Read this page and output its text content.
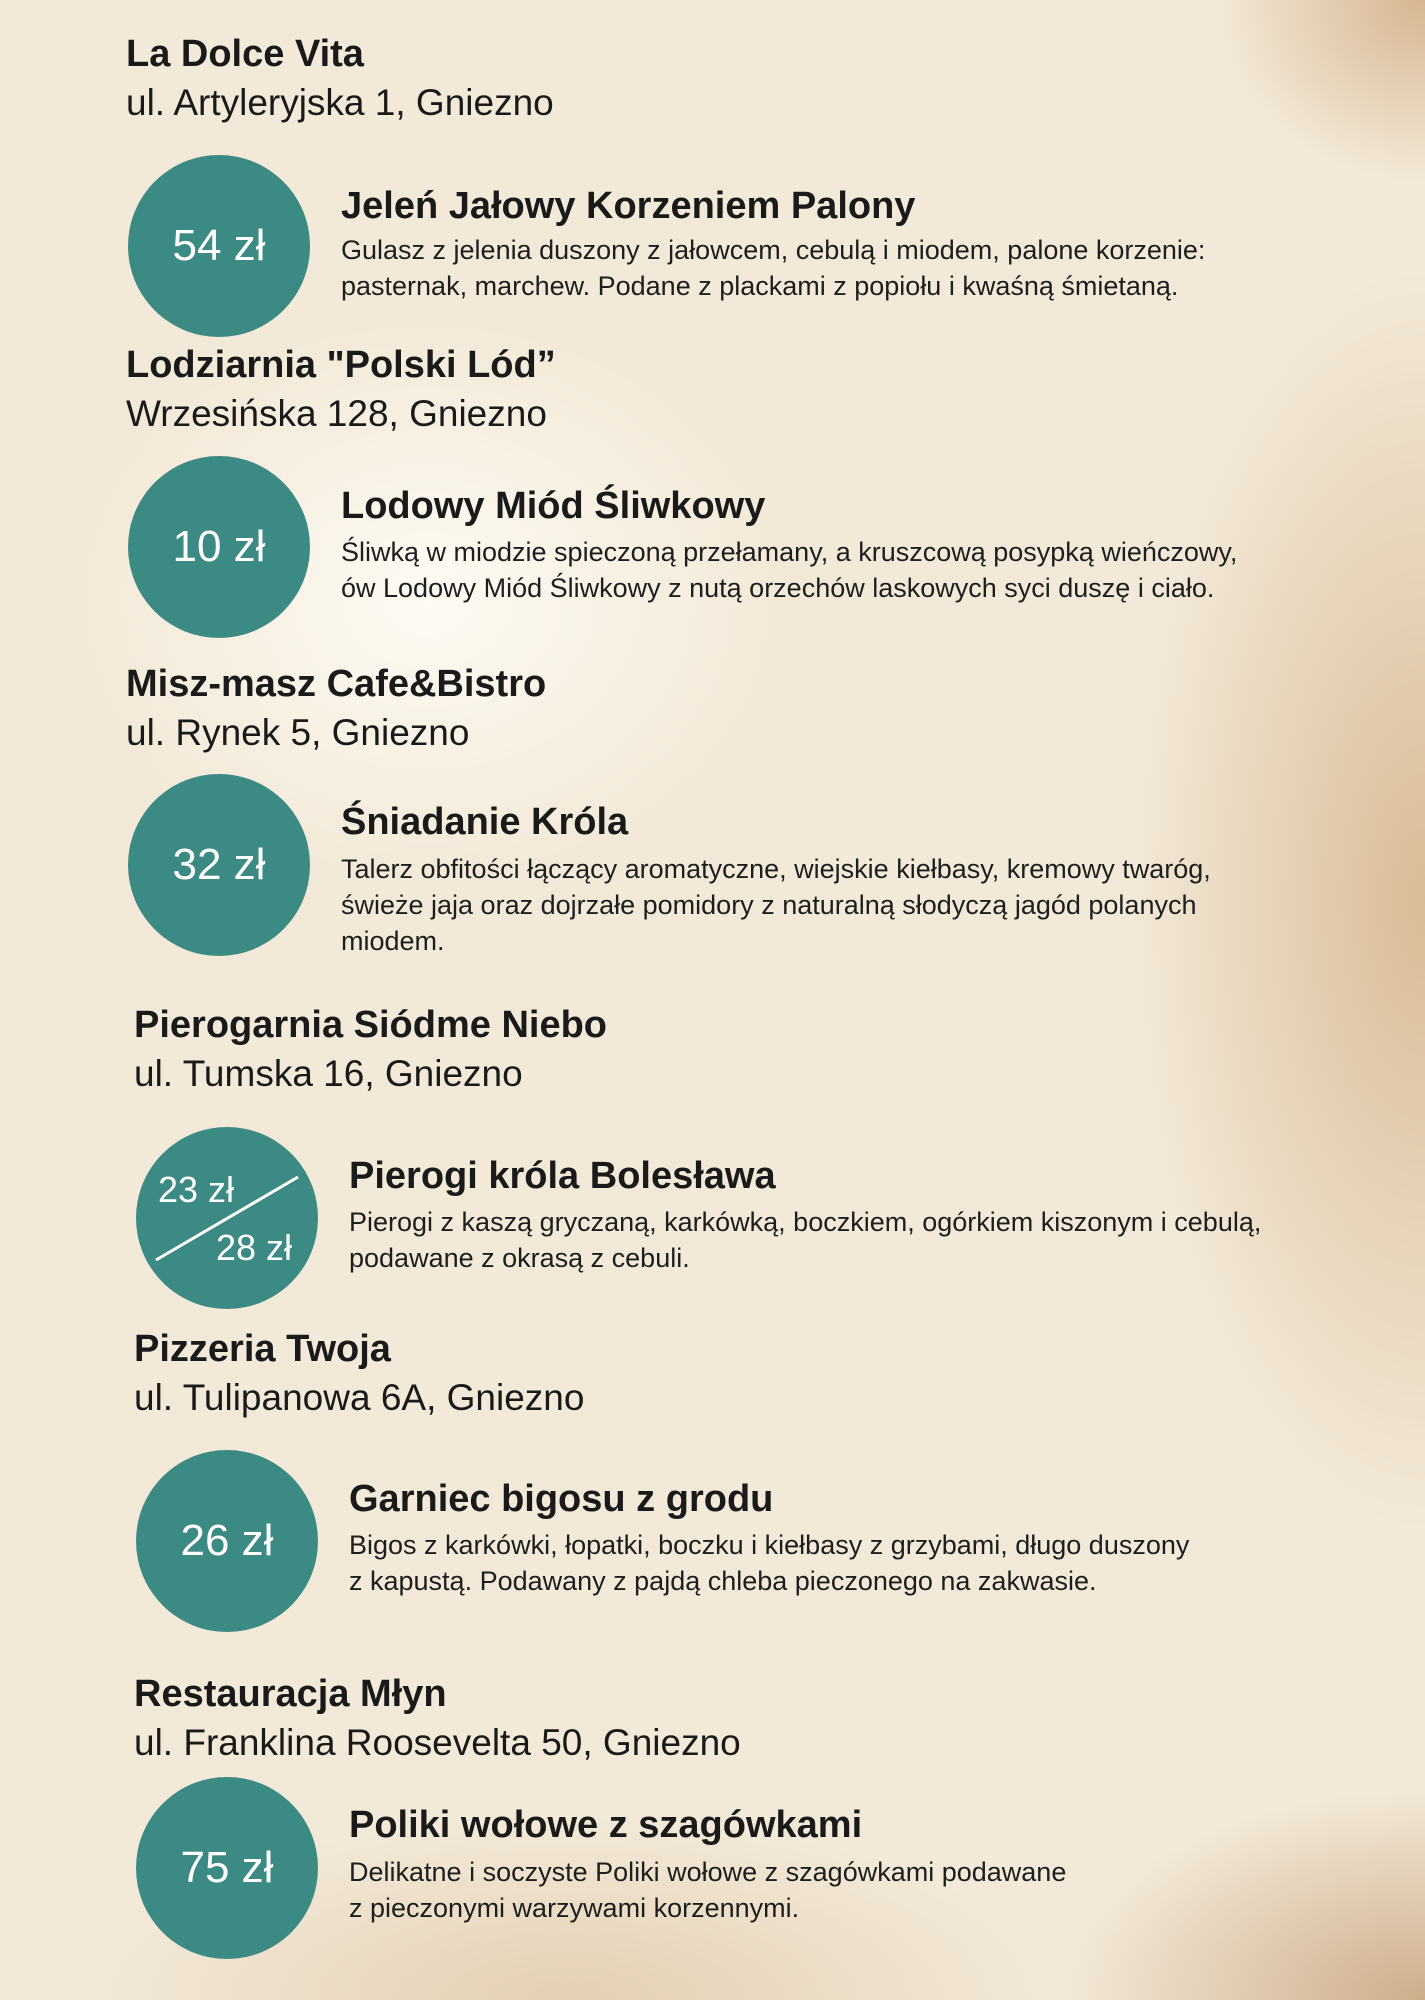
La Dolce Vita
ul. Artyleryjska 1, Gniezno
54 zł
Jeleń Jałowy Korzeniem Palony
Gulasz z jelenia duszony z jałowcem, cebulą i miodem, palone korzenie:
pasternak, marchew. Podane z plackami z popiołu i kwaśną śmietaną.
Lodziarnia "Polski Lód”
Wrzesińska 128, Gniezno
10 zł
Lodowy Miód Śliwkowy
Śliwką w miodzie spieczoną przełamany, a kruszcową posypką wieńczowy,
ów Lodowy Miód Śliwkowy z nutą orzechów laskowych syci duszę i ciało.
Misz-masz Cafe&Bistro
ul. Rynek 5, Gniezno
32 zł
Śniadanie Króla
Talerz obfitości łączący aromatyczne, wiejskie kiełbasy, kremowy twaróg,
świeże jaja oraz dojrzałe pomidory z naturalną słodyczą jagód polanych
miodem.
Pierogarnia Siódme Niebo
ul. Tumska 16, Gniezno
23 zł
28 zł
Pierogi króla Bolesława
Pierogi z kaszą gryczaną, karkówką, boczkiem, ogórkiem kiszonym i cebulą,
podawane z okrasą z cebuli.
Pizzeria Twoja
ul. Tulipanowa 6A, Gniezno
26 zł
Garniec bigosu z grodu
Bigos z karkówki, łopatki, boczku i kiełbasy z grzybami, długo duszony
z kapustą. Podawany z pajdą chleba pieczonego na zakwasie.
Restauracja Młyn
ul. Franklina Roosevelta 50, Gniezno
75 zł
Poliki wołowe z szagówkami
Delikatne i soczyste Poliki wołowe z szagówkami podawane
z pieczonymi warzywami korzennymi.
